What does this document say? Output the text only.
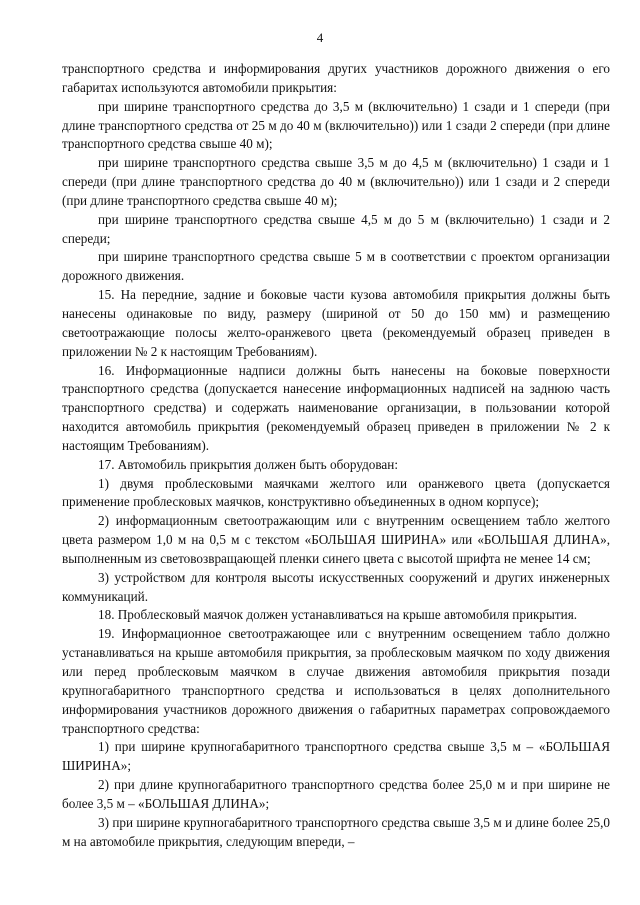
4

транспортного средства и информирования других участников дорожного движения о его габаритах используются автомобили прикрытия:

при ширине транспортного средства до 3,5 м (включительно) 1 сзади и 1 спереди (при длине транспортного средства от 25 м до 40 м (включительно)) или 1 сзади 2 спереди (при длине транспортного средства свыше 40 м);

при ширине транспортного средства свыше 3,5 м до 4,5 м (включительно) 1 сзади и 1 спереди (при длине транспортного средства до 40 м (включительно)) или 1 сзади и 2 спереди (при длине транспортного средства свыше 40 м);

при ширине транспортного средства свыше 4,5 м до 5 м (включительно) 1 сзади и 2 спереди;

при ширине транспортного средства свыше 5 м в соответствии с проектом организации дорожного движения.

15. На передние, задние и боковые части кузова автомобиля прикрытия должны быть нанесены одинаковые по виду, размеру (шириной от 50 до 150 мм) и размещению светоотражающие полосы желто-оранжевого цвета (рекомендуемый образец приведен в приложении № 2 к настоящим Требованиям).

16. Информационные надписи должны быть нанесены на боковые поверхности транспортного средства (допускается нанесение информационных надписей на заднюю часть транспортного средства) и содержать наименование организации, в пользовании которой находится автомобиль прикрытия (рекомендуемый образец приведен в приложении № 2 к настоящим Требованиям).

17. Автомобиль прикрытия должен быть оборудован:

1) двумя проблесковыми маячками желтого или оранжевого цвета (допускается применение проблесковых маячков, конструктивно объединенных в одном корпусе);

2) информационным светоотражающим или с внутренним освещением табло желтого цвета размером 1,0 м на 0,5 м с текстом «БОЛЬШАЯ ШИРИНА» или «БОЛЬШАЯ ДЛИНА», выполненным из световозвращающей пленки синего цвета с высотой шрифта не менее 14 см;

3) устройством для контроля высоты искусственных сооружений и других инженерных коммуникаций.

18. Проблесковый маячок должен устанавливаться на крыше автомобиля прикрытия.

19. Информационное светоотражающее или с внутренним освещением табло должно устанавливаться на крыше автомобиля прикрытия, за проблесковым маячком по ходу движения или перед проблесковым маячком в случае движения автомобиля прикрытия позади крупногабаритного транспортного средства и использоваться в целях дополнительного информирования участников дорожного движения о габаритных параметрах сопровождаемого транспортного средства:

1) при ширине крупногабаритного транспортного средства свыше 3,5 м – «БОЛЬШАЯ ШИРИНА»;

2) при длине крупногабаритного транспортного средства более 25,0 м и при ширине не более 3,5 м – «БОЛЬШАЯ ДЛИНА»;

3) при ширине крупногабаритного транспортного средства свыше 3,5 м и длине более 25,0 м на автомобиле прикрытия, следующим впереди, –
